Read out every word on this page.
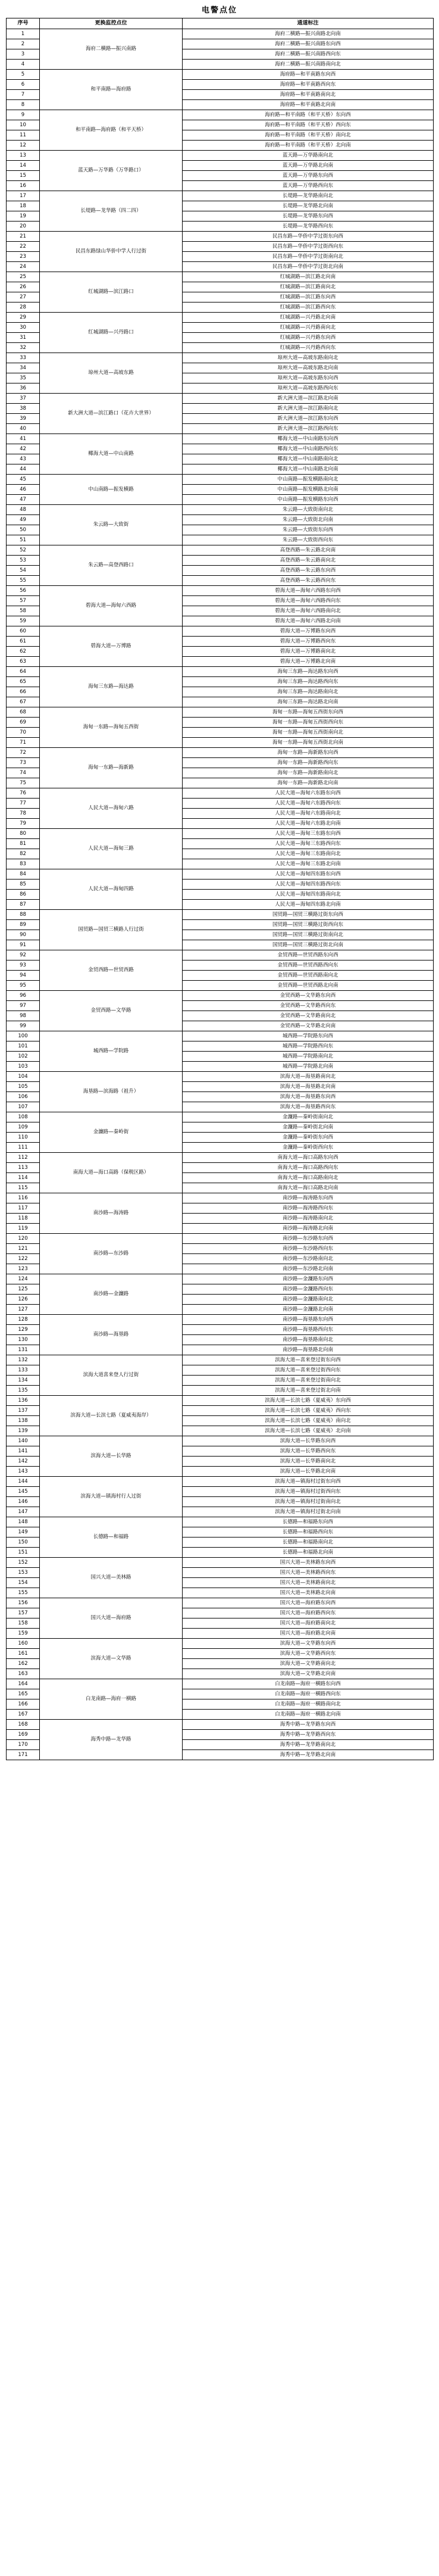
电警点位
序号	更换监控点位	通道标注
1	海府二横路—振兴南路	海府二横路—振兴南路北向南
2		海府二横路—振兴南路东向西
3		海府二横路—振兴南路西向东
4		海府二横路—振兴南路南向北
5	和平南路—海府路	海府路—和平南路东向西
6		海府路—和平南路西向东
7		海府路—和平南路南向北
8		海府路—和平南路北向南
9	和平南路—海府路（和平天桥）	海府路—和平南路（和平天桥）东向西
10		海府路—和平南路（和平天桥）西向东
11		海府路—和平南路（和平天桥）南向北
12		海府路—和平南路（和平天桥）北向南
13	蓝天路—万华路（万华路口）	蓝天路—万华路南向北
14		蓝天路—万华路北向南
15		蓝天路—万华路东向西
16		蓝天路—万华路西向东
17	长堤路—龙华路（四二四）	长堤路—龙华路南向北
18		长堤路—龙华路北向南
19		长堤路—龙华路东向西
20		长堤路—龙华路西向东
21	民昌东路绿山华侨中学人行过街	民昌东路—华侨中学过街东向西
22		民昌东路—华侨中学过街西向东
23		民昌东路—华侨中学过街南向北
24		民昌东路—华侨中学过街北向南
25	红城湖路—滨江路口	红城湖路—滨江路北向南
26		红城湖路—滨江路南向北
27		红城湖路—滨江路东向西
28		红城湖路—滨江路西向东
29	红城湖路—兴丹路口	红城湖路—兴丹路北向南
30		红城湖路—兴丹路南向北
31		红城湖路—兴丹路东向西
32		红城湖路—兴丹路西向东
33	琼州大道—高坡东路	琼州大道—高坡东路南向北
34		琼州大道—高坡东路北向南
35		琼州大道—高坡东路东向西
36		琼州大道—高坡东路西向东
37	新大洲大道—滨江路口（花卉大世界）	新大洲大道—滨江路北向南
38		新大洲大道—滨江路南向北
39		新大洲大道—滨江路东向西
40		新大洲大道—滨江路西向东
41	椰海大道—中山南路	椰海大道—中山南路东向西
42		椰海大道—中山南路西向东
43		椰海大道—中山南路南向北
44		椰海大道—中山南路北向南
45	中山南路—振发横路	中山南路—振发横路南向北
46		中山南路—振发横路北向南
47		中山南路—振发横路东向西
48	朱云路—大致街	朱云路—大致街南向北
49		朱云路—大致街北向南
50		朱云路—大致街东向西
51		朱云路—大致街西向东
52	朱云路—高登西路口	高登西路—朱云路北向南
53		高登西路—朱云路南向北
54		高登西路—朱云路东向西
55		高登西路—朱云路西向东
56	碧海大道—海甸六西路	碧海大道—海甸六西路东向西
57		碧海大道—海甸六西路西向东
58		碧海大道—海甸六西路南向北
59		碧海大道—海甸六西路北向南
60	碧海大道—万博路	碧海大道—万博路东向西
61		碧海大道—万博路西向东
62		碧海大道—万博路南向北
63		碧海大道—万博路北向南
64	海甸三东路—海达路	海甸三东路—海达路东向西
65		海甸三东路—海达路西向东
66		海甸三东路—海达路南向北
67		海甸三东路—海达路北向南
68	海甸一东路—海甸五西街	海甸一东路—海甸五西街东向西
69		海甸一东路—海甸五西街西向东
70		海甸一东路—海甸五西街南向北
71		海甸一东路—海甸五西街北向南
72	海甸一东路—海新路	海甸一东路—海新路东向西
73		海甸一东路—海新路西向东
74		海甸一东路—海新路南向北
75		海甸一东路—海新路北向南
76	人民大道—海甸六路	人民大道—海甸六东路东向西
77		人民大道—海甸六东路西向东
78		人民大道—海甸六东路南向北
79		人民大道—海甸六东路北向南
80	人民大道—海甸三路	人民大道—海甸三东路东向西
81		人民大道—海甸三东路西向东
82		人民大道—海甸三东路南向北
83		人民大道—海甸三东路北向南
84	人民大道—海甸四路	人民大道—海甸四东路东向西
85		人民大道—海甸四东路西向东
86		人民大道—海甸四东路南向北
87		人民大道—海甸四东路北向南
88	国贸路—国贸三横路人行过街	国贸路—国贸三横路过街东向西
89		国贸路—国贸三横路过街西向东
90		国贸路—国贸三横路过街南向北
91		国贸路—国贸三横路过街北向南
92	金贸西路—世贸西路	金贸西路—世贸西路东向西
93		金贸西路—世贸西路西向东
94		金贸西路—世贸西路南向北
95		金贸西路—世贸西路北向南
96	金贸西路—文华路	金贸西路—文华路东向西
97		金贸西路—文华路西向东
98		金贸西路—文华路南向北
99		金贸西路—文华路北向南
100	城西路—学院路	城西路—学院路东向西
101		城西路—学院路西向东
102		城西路—学院路南向北
103		城西路—学院路北向南
104	海垦路—滨海路（祖升）	滨海大道—海垦路南向北
105		滨海大道—海垦路北向南
106		滨海大道—海垦路东向西
107		滨海大道—海垦路西向东
108	金濂路—秦岭街	金濂路—秦岭街南向北
109		金濂路—秦岭街北向南
110		金濂路—秦岭街东向西
111		金濂路—秦岭街西向东
112	南海大道—海口高路（保税区路）	南海大道—海口高路东向西
113		南海大道—海口高路西向东
114		南海大道—海口高路南向北
115		南海大道—海口高路北向南
116	南沙路—海涛路	南沙路—海涛路东向西
117		南沙路—海涛路西向东
118		南沙路—海涛路南向北
119		南沙路—海涛路北向南
120	南沙路—东沙路	南沙路—东沙路东向西
121		南沙路—东沙路西向东
122		南沙路—东沙路南向北
123		南沙路—东沙路北向南
124	南沙路—金濂路	南沙路—金濂路东向西
125		南沙路—金濂路西向东
126		南沙路—金濂路南向北
127		南沙路—金濂路北向南
128	南沙路—海垦路	南沙路—海垦路东向西
129		南沙路—海垦路西向东
130		南沙路—海垦路南向北
131		南沙路—海垦路北向南
132	滨海大道喜来登人行过街	滨海大道—喜来登过街东向西
133		滨海大道—喜来登过街西向东
134		滨海大道—喜来登过街南向北
135		滨海大道—喜来登过街北向南
136	滨海大道—长滨七路（夏威夷海岸）	滨海大道—长滨七路（夏威夷）东向西
137		滨海大道—长滨七路（夏威夷）西向东
138		滨海大道—长滨七路（夏威夷）南向北
139		滨海大道—长滨七路（夏威夷）北向南
140	滨海大道—长华路	滨海大道—长华路东向西
141		滨海大道—长华路西向东
142		滨海大道—长华路南向北
143		滨海大道—长华路北向南
144	滨海大道—镇海村行人过街	滨海大道—镇海村过街东向西
145		滨海大道—镇海村过街西向东
146		滨海大道—镇海村过街南向北
147		滨海大道—镇海村过街北向南
148	长德路—和福路	长德路—和福路东向西
149		长德路—和福路西向东
150		长德路—和福路南向北
151		长德路—和福路北向南
152	国兴大道—美林路	国兴大道—美林路东向西
153		国兴大道—美林路西向东
154		国兴大道—美林路南向北
155		国兴大道—美林路北向南
156	国兴大道—海府路	国兴大道—海府路东向西
157		国兴大道—海府路西向东
158		国兴大道—海府路南向北
159		国兴大道—海府路北向南
160	滨海大道—文华路	滨海大道—文华路东向西
161		滨海大道—文华路西向东
162		滨海大道—文华路南向北
163		滨海大道—文华路北向南
164	白龙南路—海府一横路	白龙南路—海府一横路东向西
165		白龙南路—海府一横路西向东
166		白龙南路—海府一横路南向北
167		白龙南路—海府一横路北向南
168	海秀中路—龙华路	海秀中路—龙华路东向西
169		海秀中路—龙华路西向东
170		海秀中路—龙华路南向北
171		海秀中路—龙华路北向南
